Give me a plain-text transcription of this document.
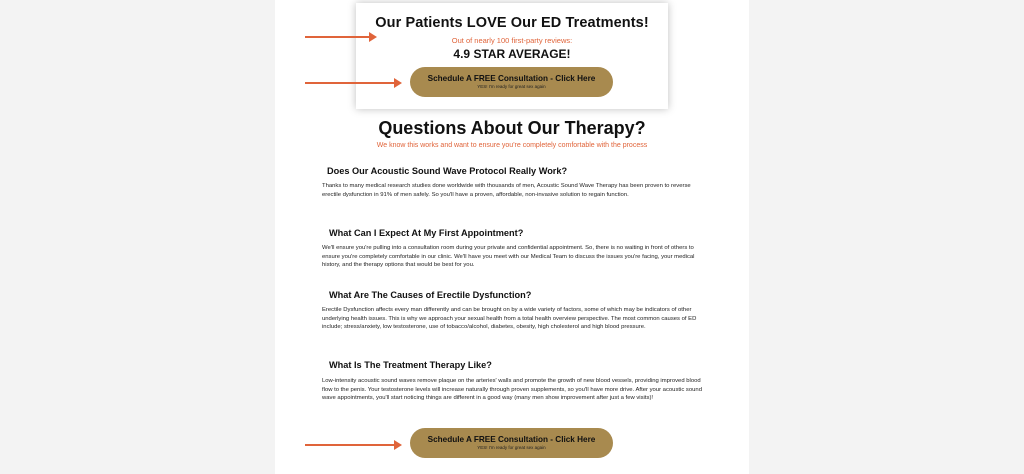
Our Patients LOVE Our ED Treatments!
Out of nearly 100 first-party reviews:
4.9 STAR AVERAGE!
Schedule A FREE Consultation - Click Here
YES! I'm ready for great sex again
Questions About Our Therapy?
We know this works and want to ensure you're completely comfortable with the process
Does Our Acoustic Sound Wave Protocol Really Work?
Thanks to many medical research studies done worldwide with thousands of men, Acoustic Sound Wave Therapy has been proven to reverse erectile dysfunction in 91% of men safely. So you'll have a proven, affordable, non-invasive solution to regain function.
What Can I Expect At My First Appointment?
We'll ensure you're pulling into a consultation room during your private and confidential appointment. So, there is no waiting in front of others to ensure you're completely comfortable in our clinic. We'll have you meet with our Medical Team to discuss the issues you're facing, your medical history, and the therapy options that would be best for you.
What Are The Causes of Erectile Dysfunction?
Erectile Dysfunction affects every man differently and can be brought on by a wide variety of factors, some of which may be indicators of other underlying health issues. This is why we approach your sexual health from a total health overview perspective. The most common causes of ED include; stress/anxiety, low testosterone, use of tobacco/alcohol, diabetes, obesity, high cholesterol and high blood pressure.
What Is The Treatment Therapy Like?
Low-intensity acoustic sound waves remove plaque on the arteries' walls and promote the growth of new blood vessels, providing improved blood flow to the penis. Your testosterone levels will increase naturally through proven supplements, so you'll have more drive. After your acoustic sound wave appointments, you'll start noticing things are different in a good way (many men show improvement after just a few visits)!
Schedule A FREE Consultation - Click Here
YES! I'm ready for great sex again
